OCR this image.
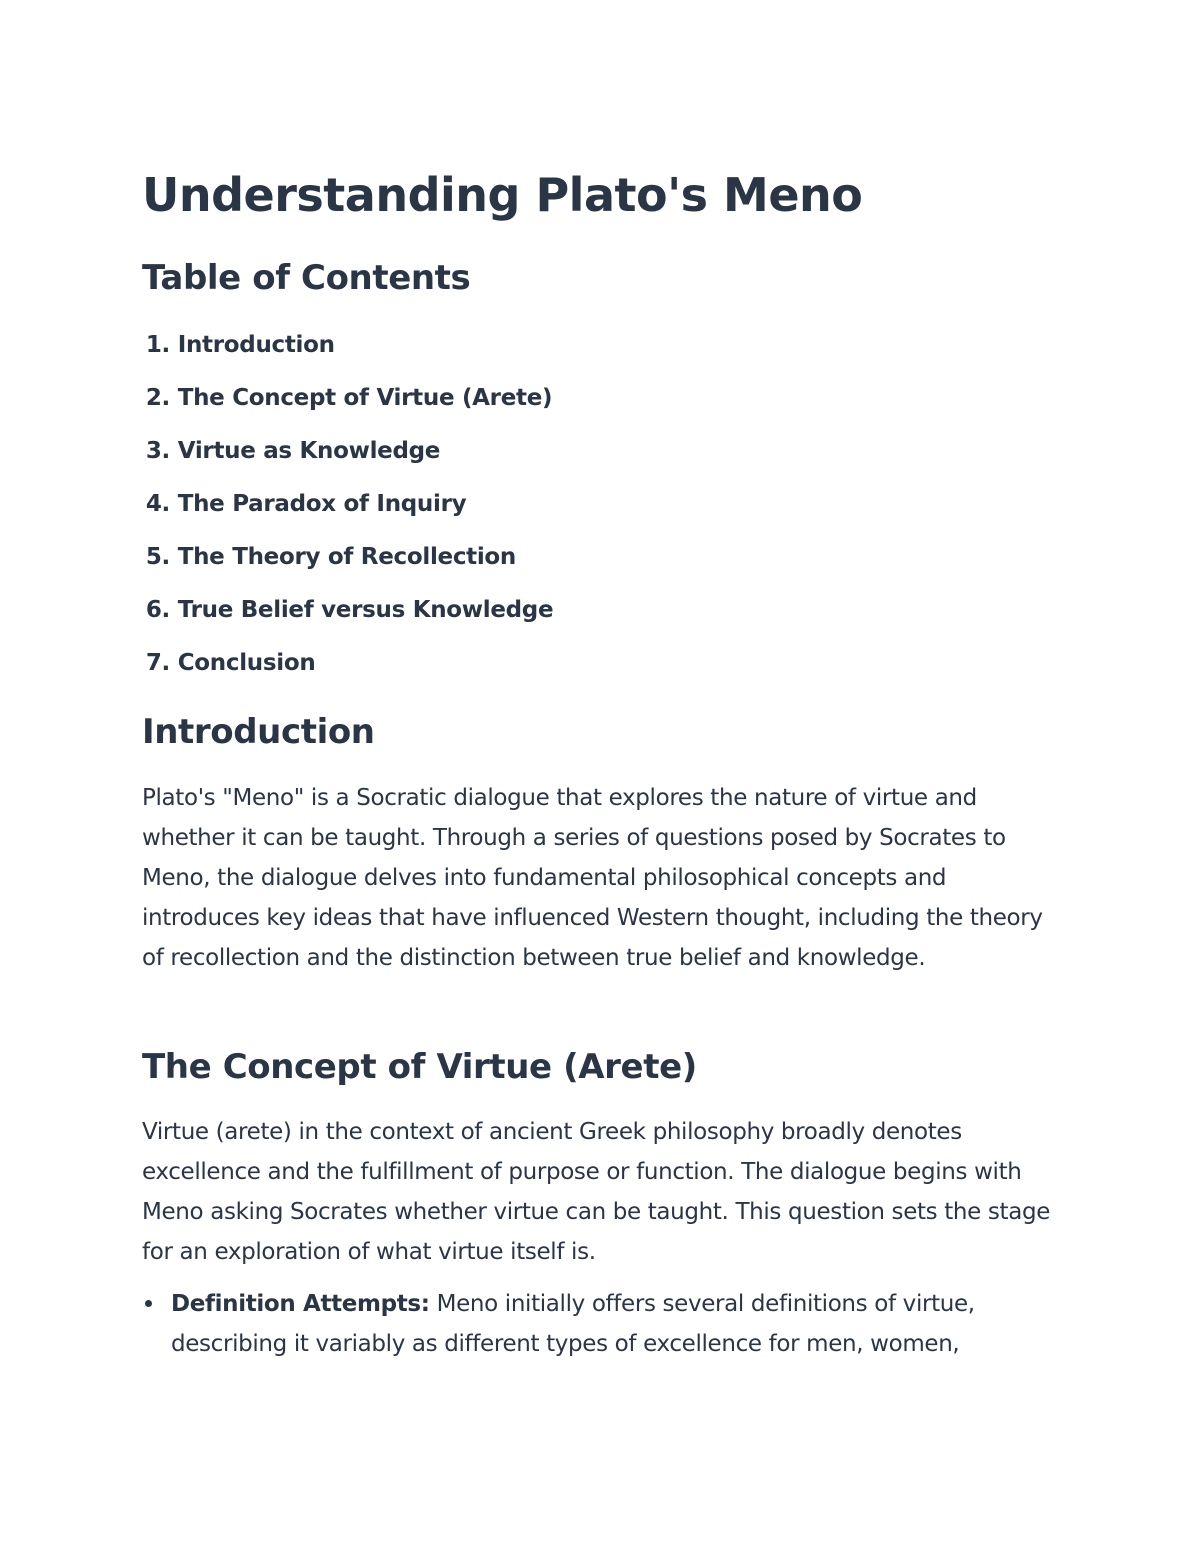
Understanding Plato's Meno
Table of Contents
1. Introduction
2. The Concept of Virtue (Arete)
3. Virtue as Knowledge
4. The Paradox of Inquiry
5. The Theory of Recollection
6. True Belief versus Knowledge
7. Conclusion
Introduction

Plato's "Meno" is a Socratic dialogue that explores the nature of virtue and whether it can be taught. Through a series of questions posed by Socrates to Meno, the dialogue delves into fundamental philosophical concepts and introduces key ideas that have influenced Western thought, including the theory of recollection and the distinction between true belief and knowledge.

The Concept of Virtue (Arete)

Virtue (arete) in the context of ancient Greek philosophy broadly denotes excellence and the fulfillment of purpose or function. The dialogue begins with Meno asking Socrates whether virtue can be taught. This question sets the stage for an exploration of what virtue itself is.

Definition Attempts: Meno initially offers several definitions of virtue, describing it variably as different types of excellence for men, women,
